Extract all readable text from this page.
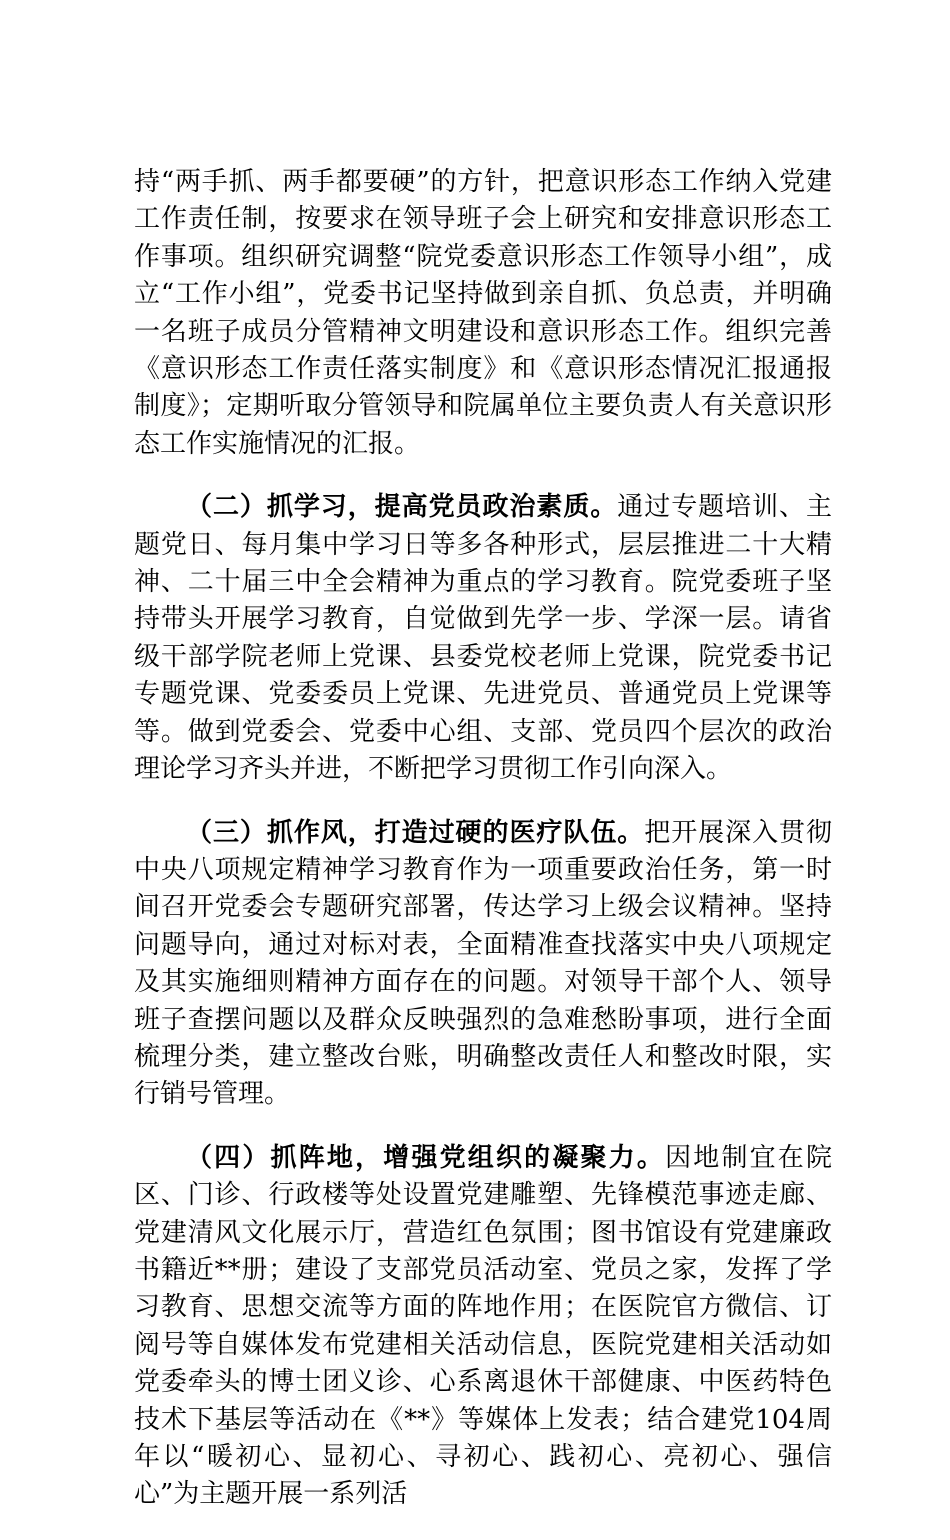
持“两手抓、两手都要硬”的方针，把意识形态工作纳入党建工作责任制，按要求在领导班子会上研究和安排意识形态工作事项。组织研究调整“院党委意识形态工作领导小组”，成立“工作小组”，党委书记坚持做到亲自抓、负总责，并明确一名班子成员分管精神文明建设和意识形态工作。组织完善《意识形态工作责任落实制度》和《意识形态情况汇报通报制度》；定期听取分管领导和院属单位主要负责人有关意识形态工作实施情况的汇报。

（二）抓学习，提高党员政治素质。通过专题培训、主题党日、每月集中学习日等多各种形式，层层推进二十大精神、二十届三中全会精神为重点的学习教育。院党委班子坚持带头开展学习教育，自觉做到先学一步、学深一层。请省级干部学院老师上党课、县委党校老师上党课，院党委书记专题党课、党委委员上党课、先进党员、普通党员上党课等等。做到党委会、党委中心组、支部、党员四个层次的政治理论学习齐头并进，不断把学习贯彻工作引向深入。

（三）抓作风，打造过硬的医疗队伍。把开展深入贯彻中央八项规定精神学习教育作为一项重要政治任务，第一时间召开党委会专题研究部署，传达学习上级会议精神。坚持问题导向，通过对标对表，全面精准查找落实中央八项规定及其实施细则精神方面存在的问题。对领导干部个人、领导班子查摆问题以及群众反映强烈的急难愁盼事项，进行全面梳理分类，建立整改台账，明确整改责任人和整改时限，实行销号管理。

（四）抓阵地，增强党组织的凝聚力。因地制宜在院区、门诊、行政楼等处设置党建雕塑、先锋模范事迹走廊、党建清风文化展示厅，营造红色氛围；图书馆设有党建廉政书籍近**册；建设了支部党员活动室、党员之家，发挥了学习教育、思想交流等方面的阵地作用；在医院官方微信、订阅号等自媒体发布党建相关活动信息，医院党建相关活动如党委牵头的博士团义诊、心系离退休干部健康、中医药特色技术下基层等活动在《**》等媒体上发表；结合建党104周年以“暖初心、显初心、寻初心、践初心、亮初心、强信心”为主题开展一系列活
